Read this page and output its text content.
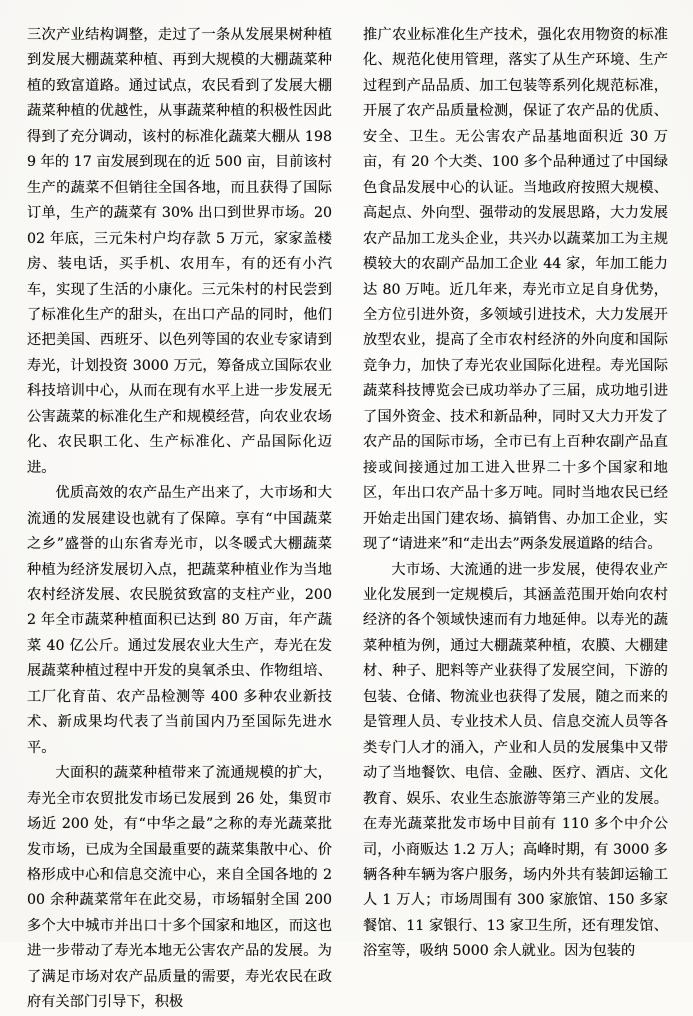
三次产业结构调整，走过了一条从发展果树种植到发展大棚蔬菜种植、再到大规模的大棚蔬菜种植的致富道路。通过试点，农民看到了发展大棚蔬菜种植的优越性，从事蔬菜种植的积极性因此得到了充分调动，该村的标准化蔬菜大棚从 1989 年的 17 亩发展到现在的近 500 亩，目前该村生产的蔬菜不但销往全国各地，而且获得了国际订单，生产的蔬菜有 30% 出口到世界市场。2002 年底，三元朱村户均存款 5 万元，家家盖楼房、装电话，买手机、农用车，有的还有小汽车，实现了生活的小康化。三元朱村的村民尝到了标准化生产的甜头，在出口产品的同时，他们还把美国、西班牙、以色列等国的农业专家请到寿光，计划投资 3000 万元，筹备成立国际农业科技培训中心，从而在现有水平上进一步发展无公害蔬菜的标准化生产和规模经营，向农业农场化、农民职工化、生产标准化、产品国际化迈进。

优质高效的农产品生产出来了，大市场和大流通的发展建设也就有了保障。享有“中国蔬菜之乡”盛誉的山东省寿光市，以冬暖式大棚蔬菜种植为经济发展切入点，把蔬菜种植业作为当地农村经济发展、农民脱贫致富的支柱产业，2002 年全市蔬菜种植面积已达到 80 万亩，年产蔬菜 40 亿公斤。通过发展农业大生产，寿光在发展蔬菜种植过程中开发的臭氧杀虫、作物组培、工厂化育苗、农产品检测等 400 多种农业新技术、新成果均代表了当前国内乃至国际先进水平。

大面积的蔬菜种植带来了流通规模的扩大，寿光全市农贸批发市场已发展到 26 处，集贸市场近 200 处，有“中华之最”之称的寿光蔬菜批发市场，已成为全国最重要的蔬菜集散中心、价格形成中心和信息交流中心，来自全国各地的 200 余种蔬菜常年在此交易，市场辐射全国 200 多个大中城市并出口十多个国家和地区，而这也进一步带动了寿光本地无公害农产品的发展。为了满足市场对农产品质量的需要，寿光农民在政府有关部门引导下，积极

推广农业标准化生产技术，强化农用物资的标准化、规范化使用管理，落实了从生产环境、生产过程到产品品质、加工包装等系列化规范标准，开展了农产品质量检测，保证了农产品的优质、安全、卫生。无公害农产品基地面积近 30 万亩，有 20 个大类、100 多个品种通过了中国绿色食品发展中心的认证。当地政府按照大规模、高起点、外向型、强带动的发展思路，大力发展农产品加工龙头企业，共兴办以蔬菜加工为主规模较大的农副产品加工企业 44 家，年加工能力达 80 万吨。近几年来，寿光市立足自身优势，全方位引进外资，多领域引进技术，大力发展开放型农业，提高了全市农村经济的外向度和国际竞争力，加快了寿光农业国际化进程。寿光国际蔬菜科技博览会已成功举办了三届，成功地引进了国外资金、技术和新品种，同时又大力开发了农产品的国际市场，全市已有上百种农副产品直接或间接通过加工进入世界二十多个国家和地区，年出口农产品十多万吨。同时当地农民已经开始走出国门建农场、搞销售、办加工企业，实现了“请进来”和“走出去”两条发展道路的结合。

大市场、大流通的进一步发展，使得农业产业化发展到一定规模后，其涵盖范围开始向农村经济的各个领域快速而有力地延伸。以寿光的蔬菜种植为例，通过大棚蔬菜种植，农膜、大棚建材、种子、肥料等产业获得了发展空间，下游的包装、仓储、物流业也获得了发展，随之而来的是管理人员、专业技术人员、信息交流人员等各类专门人才的涌入，产业和人员的发展集中又带动了当地餐饮、电信、金融、医疗、酒店、文化教育、娱乐、农业生态旅游等第三产业的发展。在寿光蔬菜批发市场中目前有 110 多个中介公司，小商贩达 1.2 万人；高峰时期，有 3000 多辆各种车辆为客户服务，场内外共有装卸运输工人 1 万人；市场周围有 300 家旅馆、150 多家餐馆、11 家银行、13 家卫生所，还有理发馆、浴室等，吸纳 5000 余人就业。因为包装的
